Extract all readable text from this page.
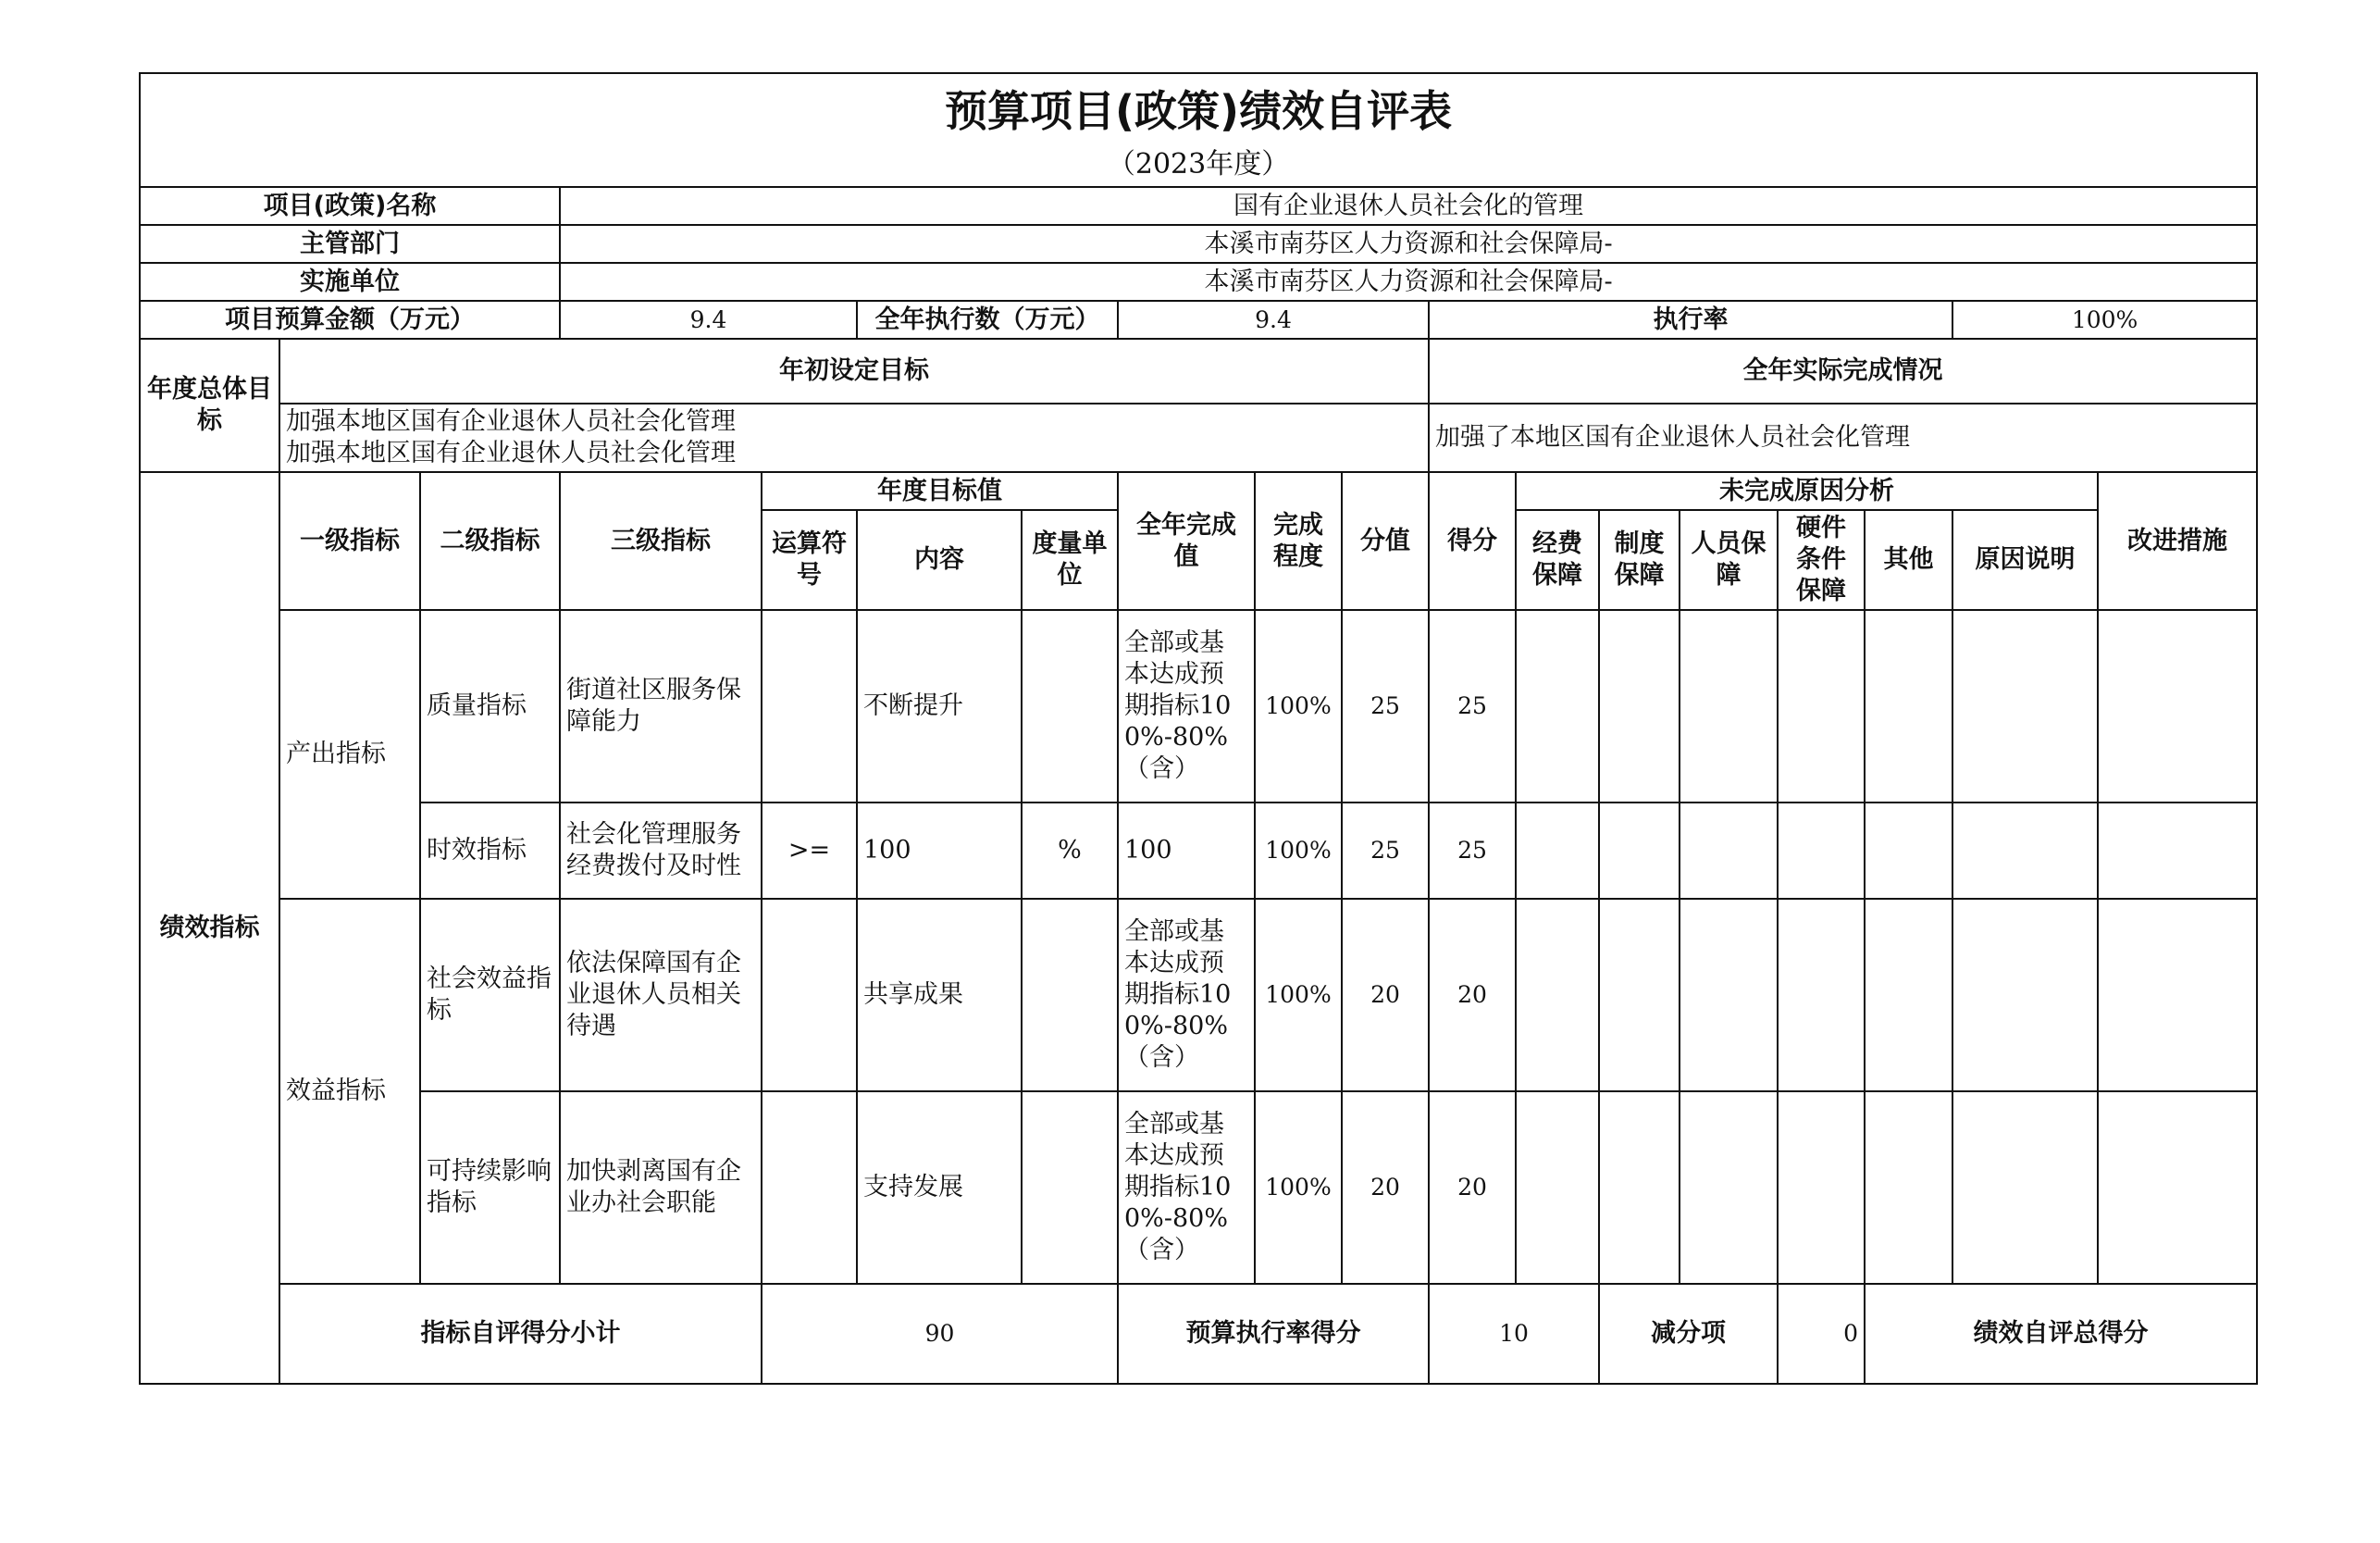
预算项目(政策)绩效自评表																		
（2023年度）																		
项目(政策)名称			国有企业退休人员社会化的管理															
主管部门			本溪市南芬区人力资源和社会保障局-															
实施单位			本溪市南芬区人力资源和社会保障局-															
项目预算金额（万元）			9.4		全年执行数（万元）		9.4			执行率						100%		
年度总体目标	年初设定目标									全年实际完成情况								

	加强本地区国有企业退休人员社会化管理
加强本地区国有企业退休人员社会化管理									加强了本地区国有企业退休人员社会化管理								
绩效指标	一级指标	二级指标	三级指标	年度目标值			全年完成值	完成程度	分值	得分	未完成原因分析						改进措施	
				运算符号	内容	度量单位					经费保障	制度保障	人员保障	硬件条件保障	其他	原因说明		
	产出指标	质量指标	街道社区服务保障能力		不断提升		全部或基本达成预期指标100%-80%（含）	100%	25	25								
		时效指标	社会化管理服务经费拨付及时性	>=	100	%	100	100%	25	25								
	效益指标	社会效益指标	依法保障国有企业退休人员相关待遇		共享成果		全部或基本达成预期指标100%-80%（含）	100%	20	20								
		可持续影响指标	加快剥离国有企业办社会职能		支持发展		全部或基本达成预期指标100%-80%（含）	100%	20	20								
	指标自评得分小计			90			预算执行率得分			10		减分项		0	绩效自评总得分	
